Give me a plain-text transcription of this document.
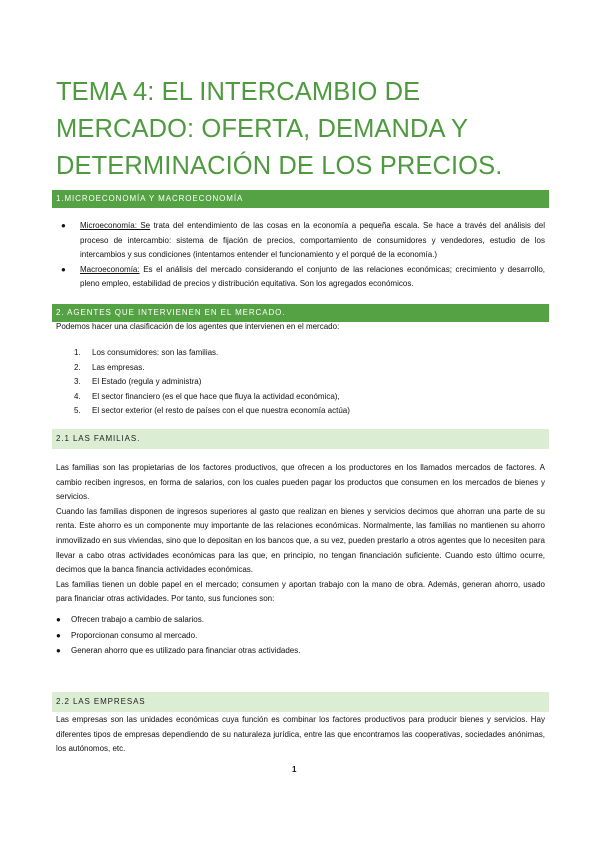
TEMA 4: EL INTERCAMBIO DE MERCADO: OFERTA, DEMANDA Y DETERMINACIÓN DE LOS PRECIOS.
1.MICROECONOMÍA Y MACROECONOMÍA
● Microeconomía: Se trata del entendimiento de las cosas en la economía a pequeña escala. Se hace a través del análisis del proceso de intercambio: sistema de fijación de precios, comportamiento de consumidores y vendedores, estudio de los intercambios y sus condiciones (intentamos entender el funcionamiento y el porqué de la economía.)
● Macroeconomía: Es el análisis del mercado considerando el conjunto de las relaciones económicas; crecimiento y desarrollo, pleno empleo, estabilidad de precios y distribución equitativa. Son los agregados económicos.
2. AGENTES QUE INTERVIENEN EN EL MERCADO.
Podemos hacer una clasificación de los agentes que intervienen en el mercado:
1. Los consumidores: son las familias.
2. Las empresas.
3. El Estado (regula y administra)
4. El sector financiero (es el que hace que fluya la actividad económica),
5. El sector exterior (el resto de países con el que nuestra economía actúa)
2.1 LAS FAMILIAS.
Las familias son las propietarias de los factores productivos, que ofrecen a los productores en los llamados mercados de factores. A cambio reciben ingresos, en forma de salarios, con los cuales pueden pagar los productos que consumen en los mercados de bienes y servicios.
Cuando las familias disponen de ingresos superiores al gasto que realizan en bienes y servicios decimos que ahorran una parte de su renta. Este ahorro es un componente muy importante de las relaciones económicas. Normalmente, las familias no mantienen su ahorro inmovilizado en sus viviendas, sino que lo depositan en los bancos que, a su vez, pueden prestarlo a otros agentes que lo necesiten para llevar a cabo otras actividades económicas para las que, en principio, no tengan financiación suficiente. Cuando esto último ocurre, decimos que la banca financia actividades económicas.
Las familias tienen un doble papel en el mercado; consumen y aportan trabajo con la mano de obra. Además, generan ahorro, usado para financiar otras actividades. Por tanto, sus funciones son:
● Ofrecen trabajo a cambio de salarios.
● Proporcionan consumo al mercado.
● Generan ahorro que es utilizado para financiar otras actividades.
2.2 LAS EMPRESAS
Las empresas son las unidades económicas cuya función es combinar los factores productivos para producir bienes y servicios. Hay diferentes tipos de empresas dependiendo de su naturaleza jurídica, entre las que encontramos las cooperativas, sociedades anónimas, los autónomos, etc.
1
